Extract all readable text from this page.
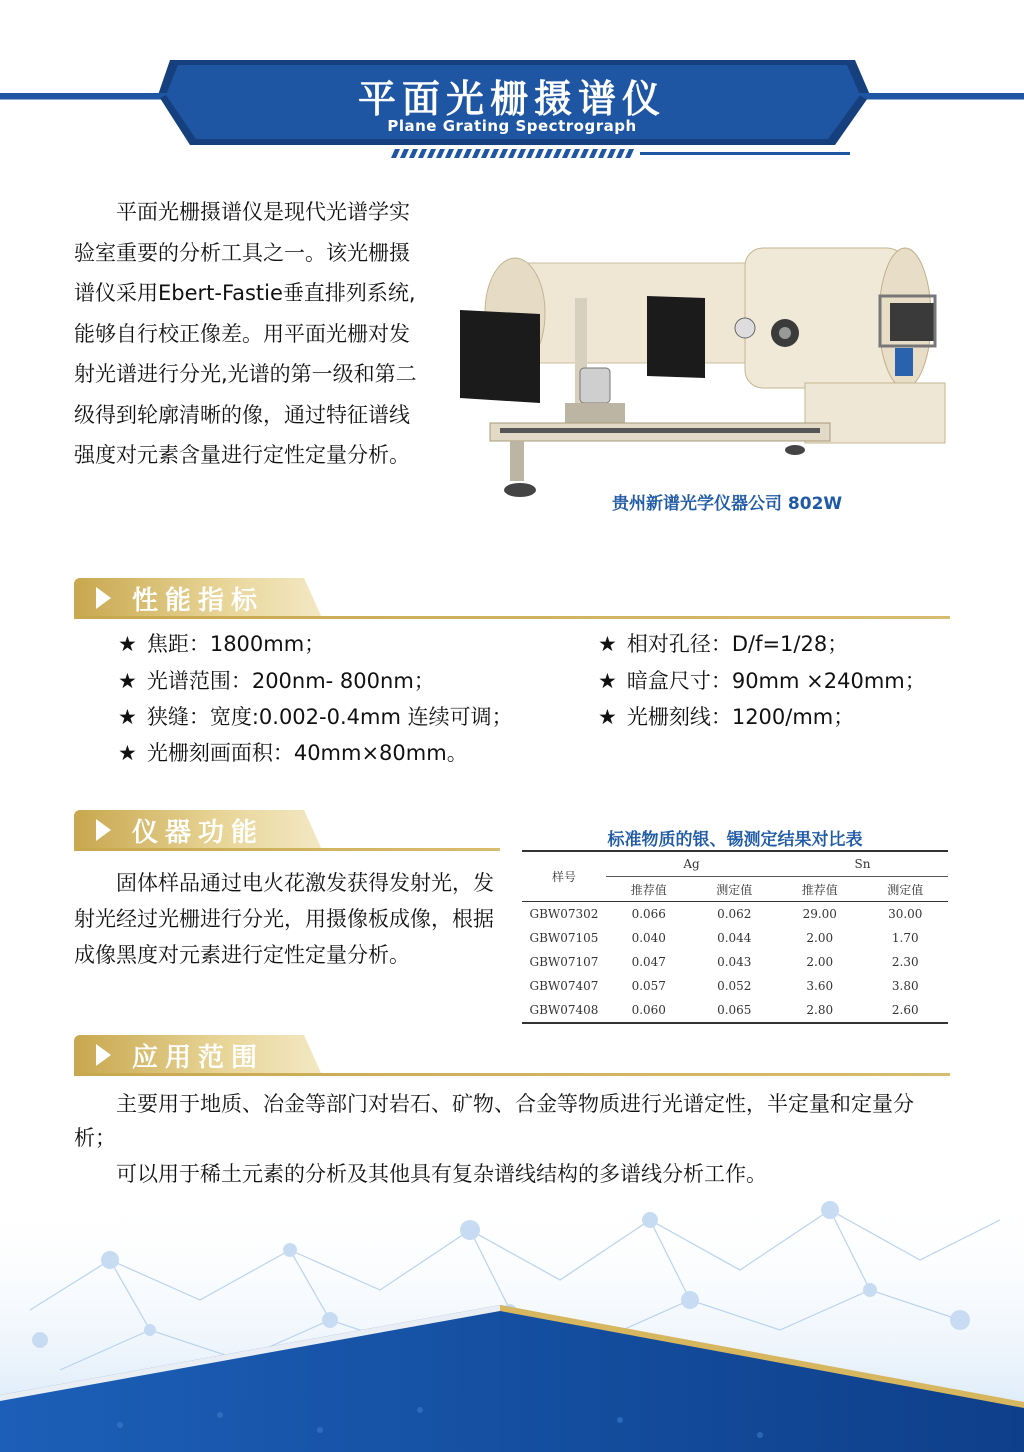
平面光栅摄谱仪
Plane Grating Spectrograph
平面光栅摄谱仪是现代光谱学实验室重要的分析工具之一。该光栅摄谱仪采用Ebert-Fastie垂直排列系统,能够自行校正像差。用平面光栅对发射光谱进行分光,光谱的第一级和第二级得到轮廓清晰的像，通过特征谱线强度对元素含量进行定性定量分析。
贵州新谱光学仪器公司 802W
性能指标
★ 焦距：1800mm；
★ 光谱范围：200nm- 800nm；
★ 狭缝：宽度:0.002-0.4mm 连续可调；
★ 光栅刻画面积：40mm×80mm。
★ 相对孔径：D/f=1/28；
★ 暗盒尺寸：90mm ×240mm；
★ 光栅刻线：1200/mm；
仪器功能
固体样品通过电火花激发获得发射光，发射光经过光栅进行分光，用摄像板成像，根据成像黑度对元素进行定性定量分析。
标准物质的银、锡测定结果对比表
样号	Ag		Sn	
	推荐值	测定值	推荐值	测定值
GBW07302	0.066	0.062	29.00	30.00
GBW07105	0.040	0.044	2.00	1.70
GBW07107	0.047	0.043	2.00	2.30
GBW07407	0.057	0.052	3.60	3.80
GBW07408	0.060	0.065	2.80	2.60
应用范围
主要用于地质、冶金等部门对岩石、矿物、合金等物质进行光谱定性，半定量和定量分析；
可以用于稀土元素的分析及其他具有复杂谱线结构的多谱线分析工作。
